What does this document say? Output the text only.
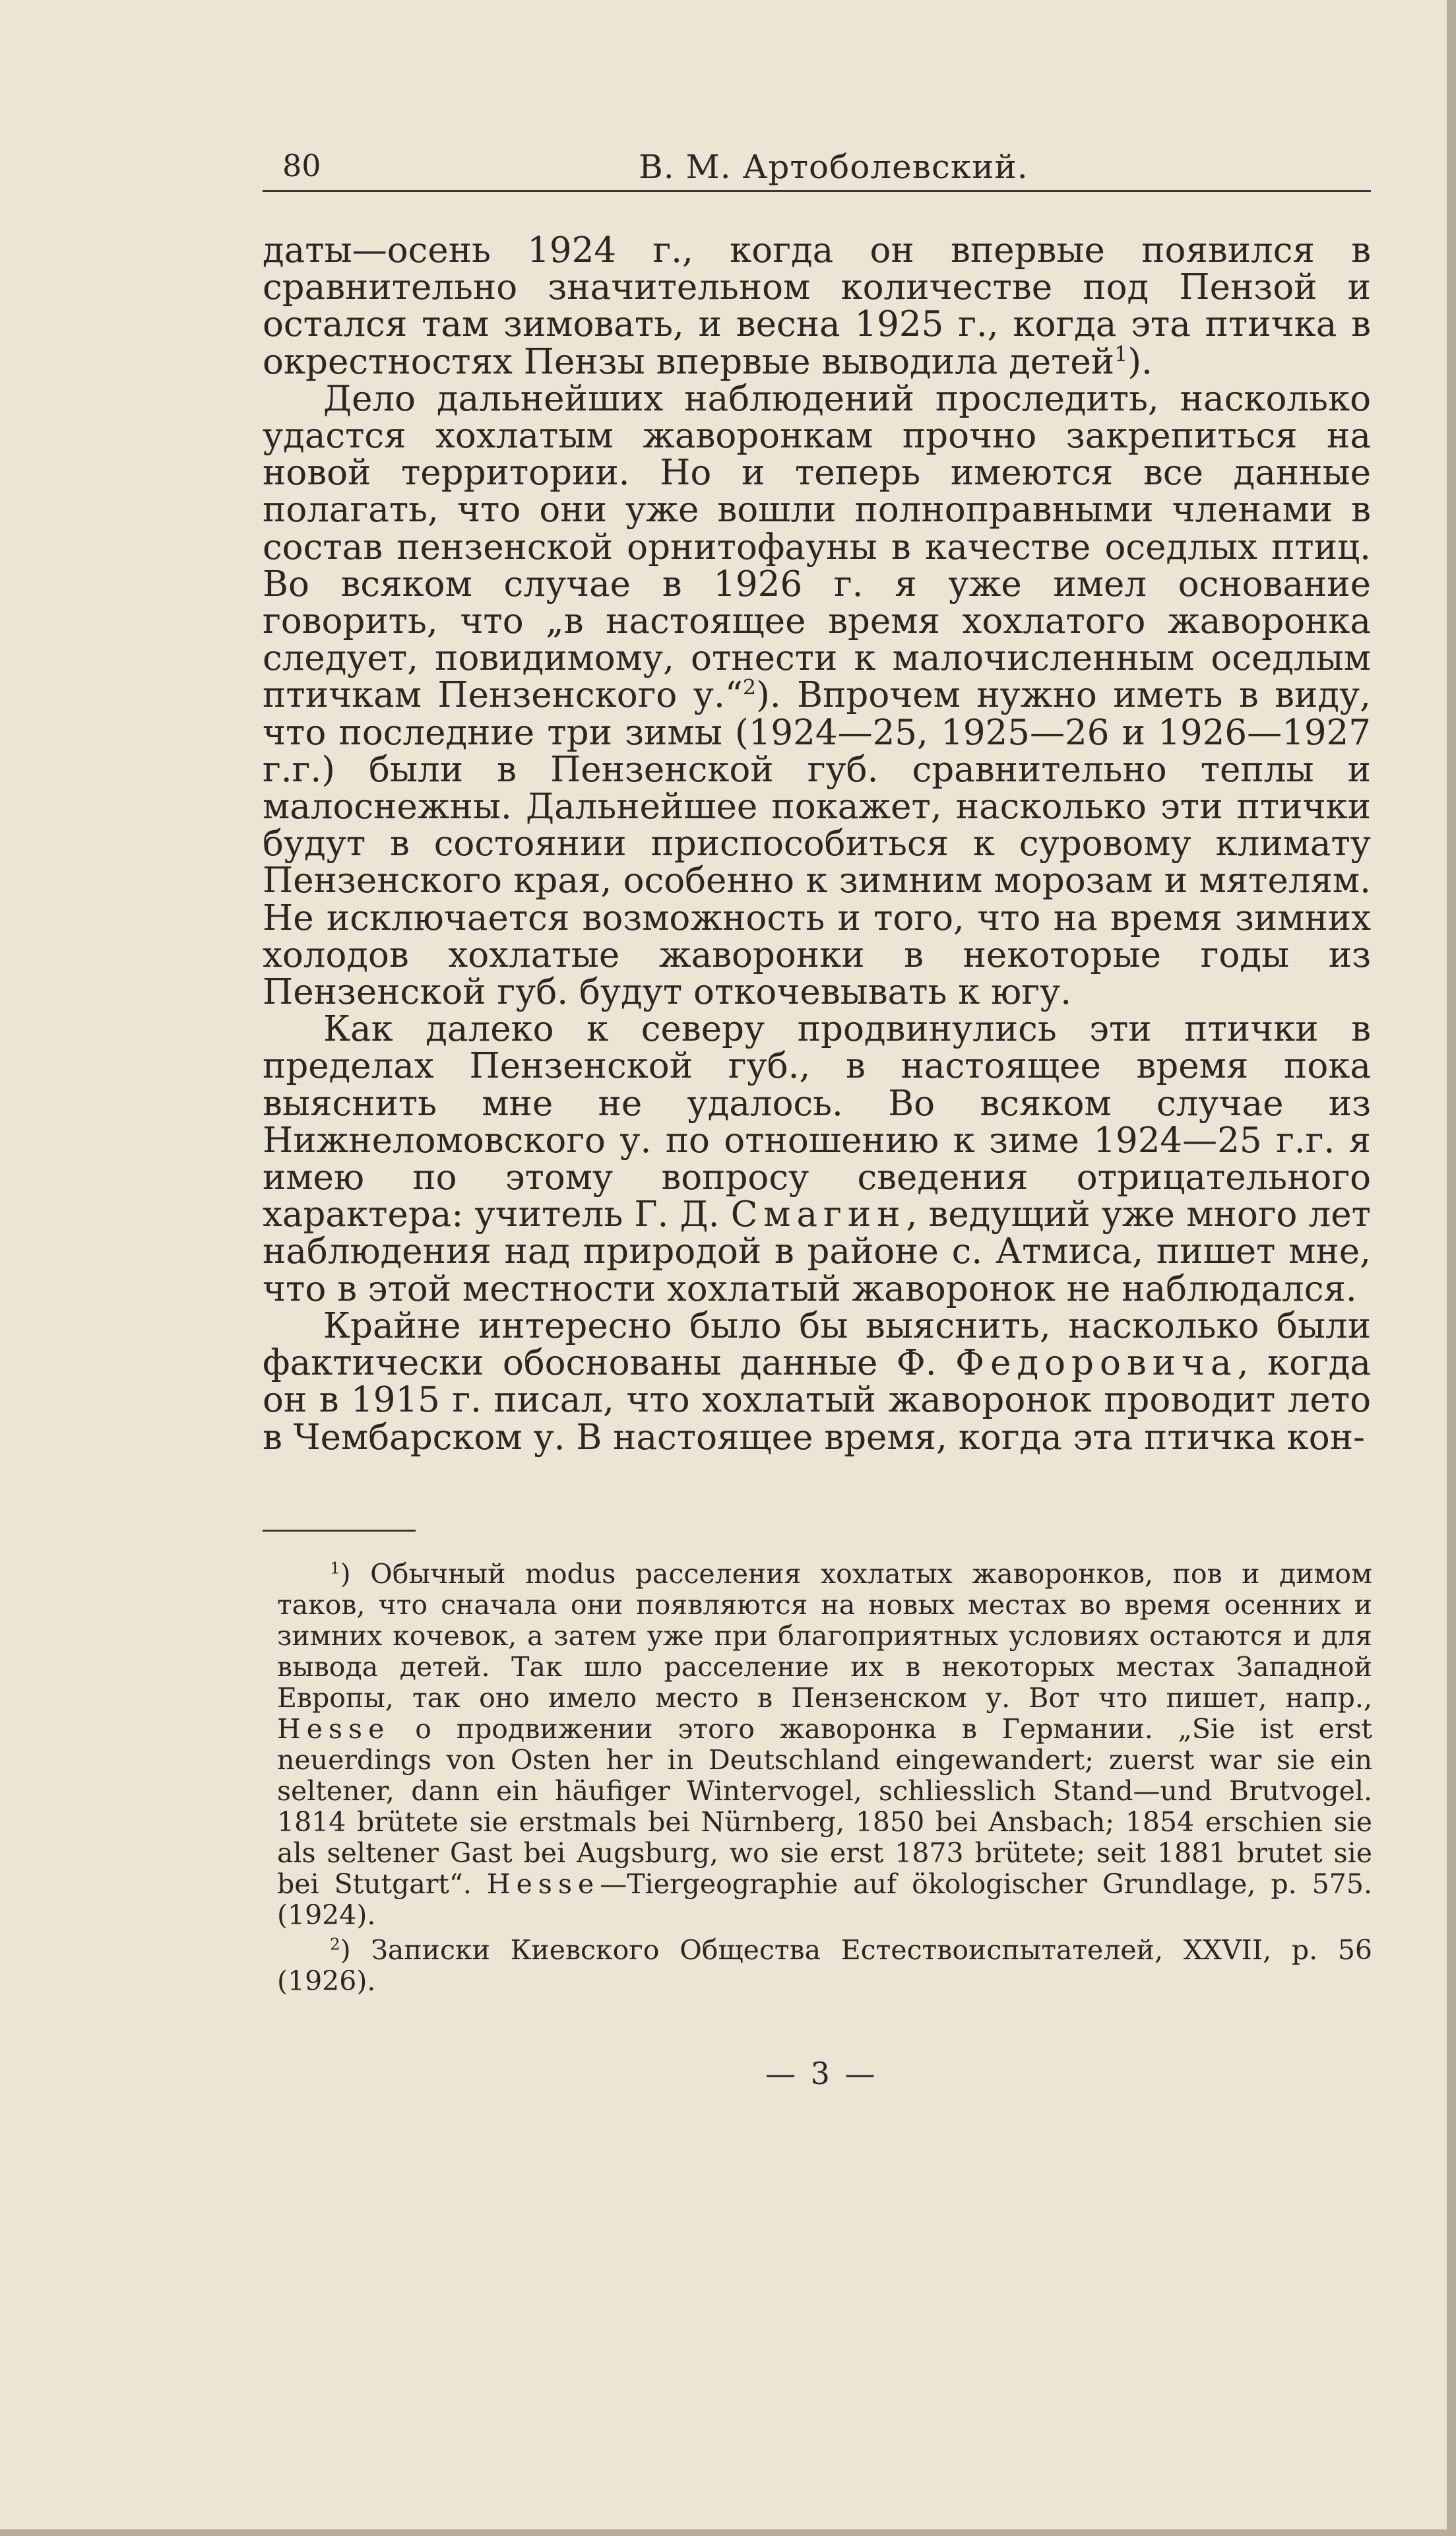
80	В. М. Артоболевский.

даты—осень 1924 г., когда он впервые появился в сравнительно значительном количестве под Пензой и остался там зимовать, и весна 1925 г., когда эта птичка в окрестностях Пензы впервые выводила детей$^1$).

Дело дальнейших наблюдений проследить, насколько удастся хохлатым жаворонкам прочно закрепиться на новой территории. Но и теперь имеются все данные полагать, что они уже вошли полноправными членами в состав пензенской орнитофауны в качестве оседлых птиц. Во всяком случае в 1926 г. я уже имел основание говорить, что „в настоящее время хохлатого жаворонка следует, повидимому, отнести к малочисленным оседлым птичкам Пензенского у.“$^2$). Впрочем нужно иметь в виду, что последние три зимы (1924—25, 1925—26 и 1926—1927 г.г.) были в Пензенской губ. сравнительно теплы и малоснежны. Дальнейшее покажет, насколько эти птички будут в состоянии приспособиться к суровому климату Пензенского края, особенно к зимним морозам и мятелям. Не исключается возможность и того, что на время зимних холодов хохлатые жаворонки в некоторые годы из Пензенской губ. будут откочевывать к югу.

Как далеко к северу продвинулись эти птички в пределах Пензенской губ., в настоящее время пока выяснить мне не удалось. Во всяком случае из Нижнеломовского у. по отношению к зиме 1924—25 г.г. я имею по этому вопросу сведения отрицательного характера: учитель Г. Д. Смагин, ведущий уже много лет наблюдения над природой в районе с. Атмиса, пишет мне, что в этой местности хохлатый жаворонок не наблюдался.

Крайне интересно было бы выяснить, насколько были фактически обоснованы данные Ф. Федоровича, когда он в 1915 г. писал, что хохлатый жаворонок проводит лето в Чембарском у. В настоящее время, когда эта птичка кон-

$^1$) Обычный modus расселения хохлатых жаворонков, пов и димом таков, что сначала они появляются на новых местах во время осенних и зимних кочевок, а затем уже при благоприятных условиях остаются и для вывода детей. Так шло расселение их в некоторых местах Западной Европы, так оно имело место в Пензенском у. Вот что пишет, напр., Hesse о продвижении этого жаворонка в Германии. „Sie ist erst neuerdings von Osten her in Deutschland eingewandert; zuerst war sie ein seltener, dann ein häufiger Wintervogel, schliesslich Stand—und Brutvogel. 1814 brütete sie erstmals bei Nürnberg, 1850 bei Ansbach; 1854 erschien sie als seltener Gast bei Augsburg, wo sie erst 1873 brütete; seit 1881 brutet sie bei Stutgart“. Hesse—Tiergeographie auf ökologischer Grundlage, p. 575. (1924).

$^2$) Записки Киевского Общества Естествоиспытателей, XXVII, p. 56 (1926).

— 3 —
